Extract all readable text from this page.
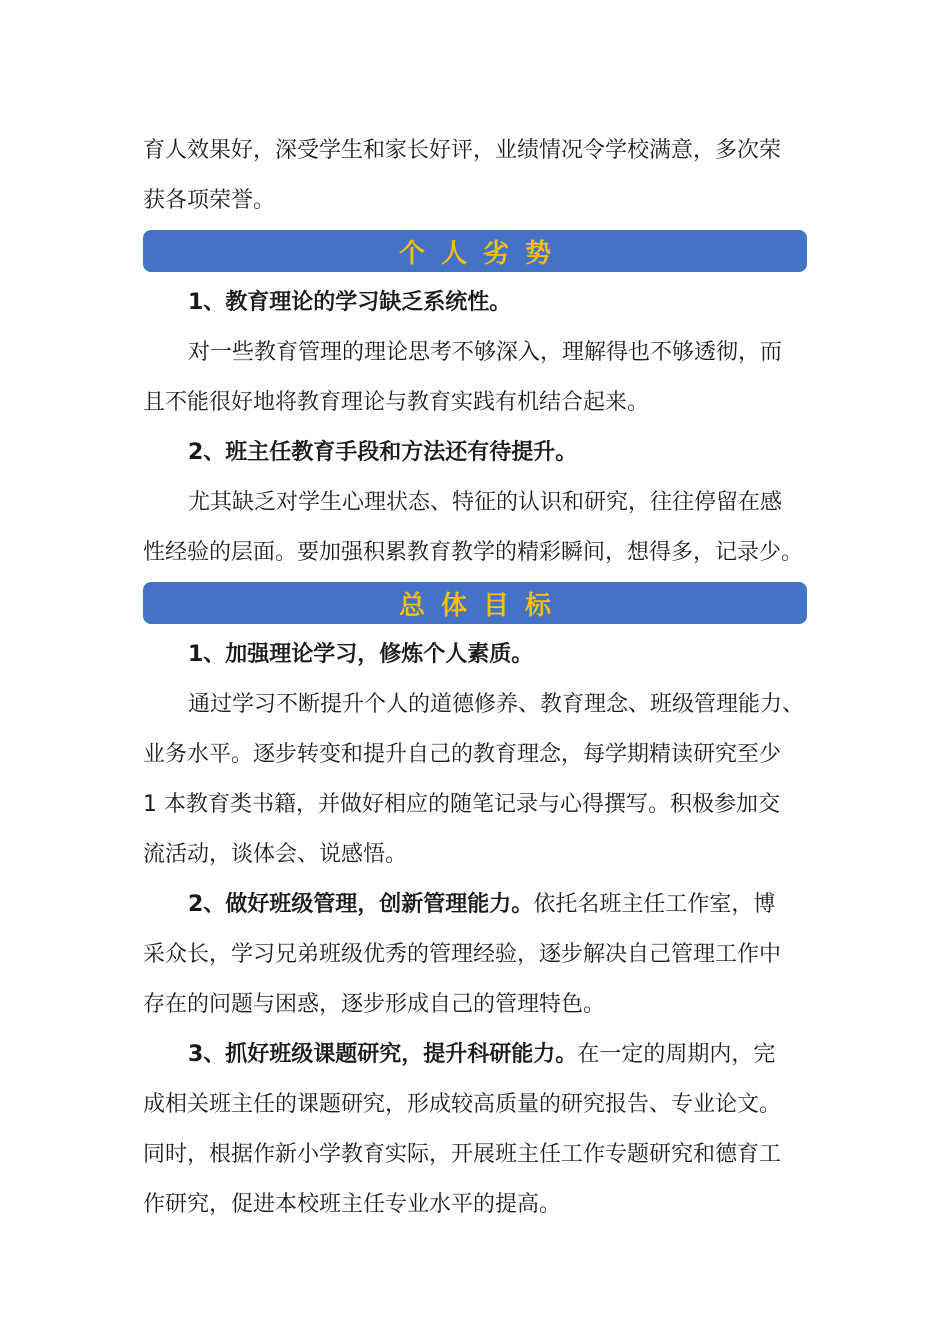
育人效果好，深受学生和家长好评，业绩情况令学校满意，多次荣

获各项荣誉。

个人劣势

1、教育理论的学习缺乏系统性。

对一些教育管理的理论思考不够深入，理解得也不够透彻，而

且不能很好地将教育理论与教育实践有机结合起来。

2、班主任教育手段和方法还有待提升。

尤其缺乏对学生心理状态、特征的认识和研究，往往停留在感

性经验的层面。要加强积累教育教学的精彩瞬间，想得多，记录少。

总体目标

1、加强理论学习，修炼个人素质。

通过学习不断提升个人的道德修养、教育理念、班级管理能力、

业务水平。逐步转变和提升自己的教育理念，每学期精读研究至少

1 本教育类书籍，并做好相应的随笔记录与心得撰写。积极参加交

流活动，谈体会、说感悟。

2、做好班级管理，创新管理能力。依托名班主任工作室，博

采众长，学习兄弟班级优秀的管理经验，逐步解决自己管理工作中

存在的问题与困惑，逐步形成自己的管理特色。

3、抓好班级课题研究，提升科研能力。在一定的周期内，完

成相关班主任的课题研究，形成较高质量的研究报告、专业论文。

同时，根据作新小学教育实际，开展班主任工作专题研究和德育工

作研究，促进本校班主任专业水平的提高。
